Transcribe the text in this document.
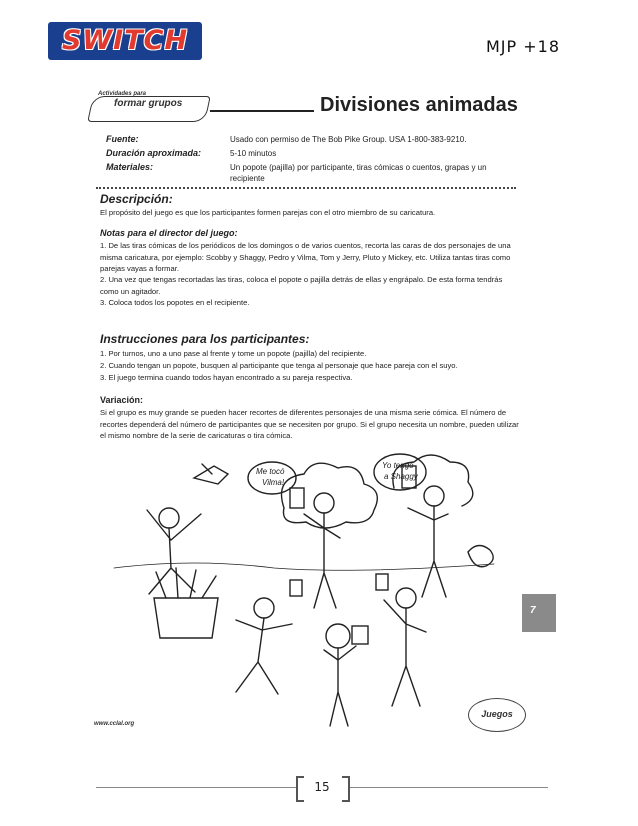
SWITCH	MJP +18
Actividades para
formar grupos	Divisiones animadas
Fuente:	Usado con permiso de The Bob Pike Group. USA 1-800-383-9210.
Duración aproximada:	5-10 minutos
Materiales:	Un popote (pajilla) por participante, tiras cómicas o cuentos, grapas y un recipiente
Descripción:
El propósito del juego es que los participantes formen parejas con el otro miembro de su caricatura.
Notas para el director del juego:
1. De las tiras cómicas de los periódicos de los domingos o de varios cuentos, recorta las caras de dos personajes de una misma caricatura, por ejemplo: Scobby y Shaggy, Pedro y Vilma, Tom y Jerry, Pluto y Mickey, etc. Utiliza tantas tiras como parejas vayas a formar.
2. Una vez que tengas recortadas las tiras, coloca el popote o pajilla detrás de ellas y engrápalo. De esta forma tendrás como un agitador.
3. Coloca todos los popotes en el recipiente.
Instrucciones para los participantes:
1. Por turnos, uno a uno pase al frente y tome un popote (pajilla) del recipiente.
2. Cuando tengan un popote, busquen al participante que tenga al personaje que hace pareja con el suyo.
3. El juego termina cuando todos hayan encontrado a su pareja respectiva.
Variación:
Si el grupo es muy grande se pueden hacer recortes de diferentes personajes de una misma serie cómica. El número de recortes dependerá del número de participantes que se necesiten por grupo. Si el grupo necesita un nombre, pueden utilizar el mismo nombre de la serie de caricaturas o tira cómica.
Me tocó
Vilma!
Yo tengo
a Shaggy
www.cclal.org
7
Juegos
15
